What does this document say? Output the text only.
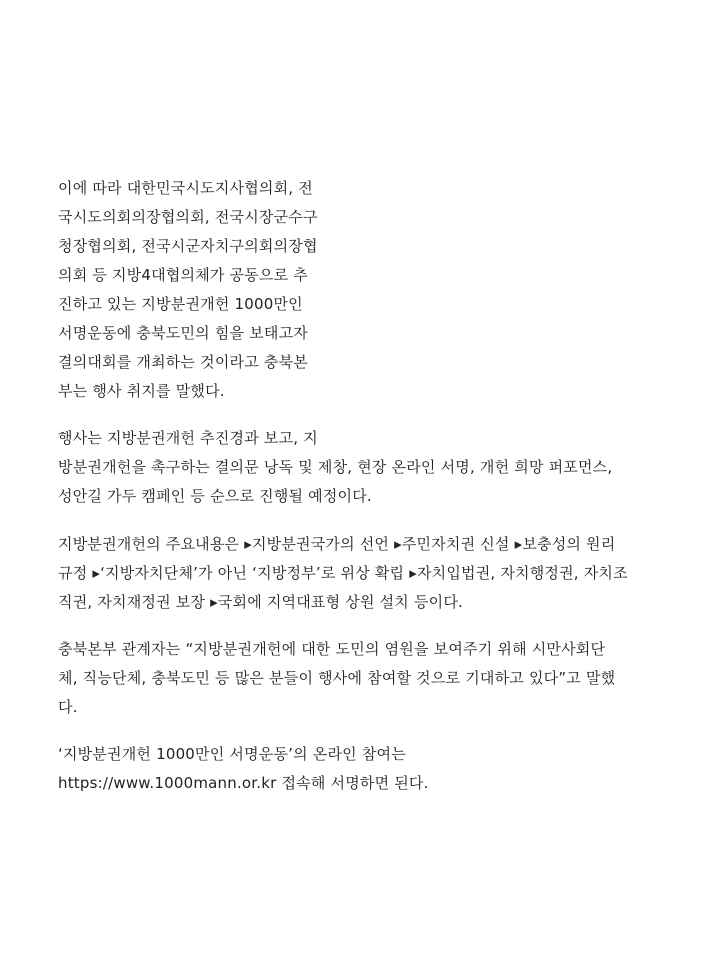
이에 따라 대한민국시도지사협의회, 전
국시도의회의장협의회, 전국시장군수구
청장협의회, 전국시군자치구의회의장협
의회 등 지방4대협의체가 공동으로 추
진하고 있는 지방분권개헌 1000만인
서명운동에 충북도민의 힘을 보태고자
결의대회를 개최하는 것이라고 충북본
부는 행사 취지를 말했다.

행사는 지방분권개헌 추진경과 보고, 지
방분권개헌을 촉구하는 결의문 낭독 및 제창, 현장 온라인 서명, 개헌 희망 퍼포먼스,
성안길 가두 캠페인 등 순으로 진행될 예정이다.

지방분권개헌의 주요내용은 ▸지방분권국가의 선언 ▸주민자치권 신설 ▸보충성의 원리
규정 ▸‘지방자치단체’가 아닌 ‘지방정부’로 위상 확립 ▸자치입법권, 자치행정권, 자치조
직권, 자치재정권 보장 ▸국회에 지역대표형 상원 설치 등이다.

충북본부 관계자는 “지방분권개헌에 대한 도민의 염원을 보여주기 위해 시만사회단
체, 직능단체, 충북도민 등 많은 분들이 행사에 참여할 것으로 기대하고 있다”고 말했
다.

‘지방분권개헌 1000만인 서명운동’의 온라인 참여는
https://www.1000mann.or.kr 접속해 서명하면 된다.
